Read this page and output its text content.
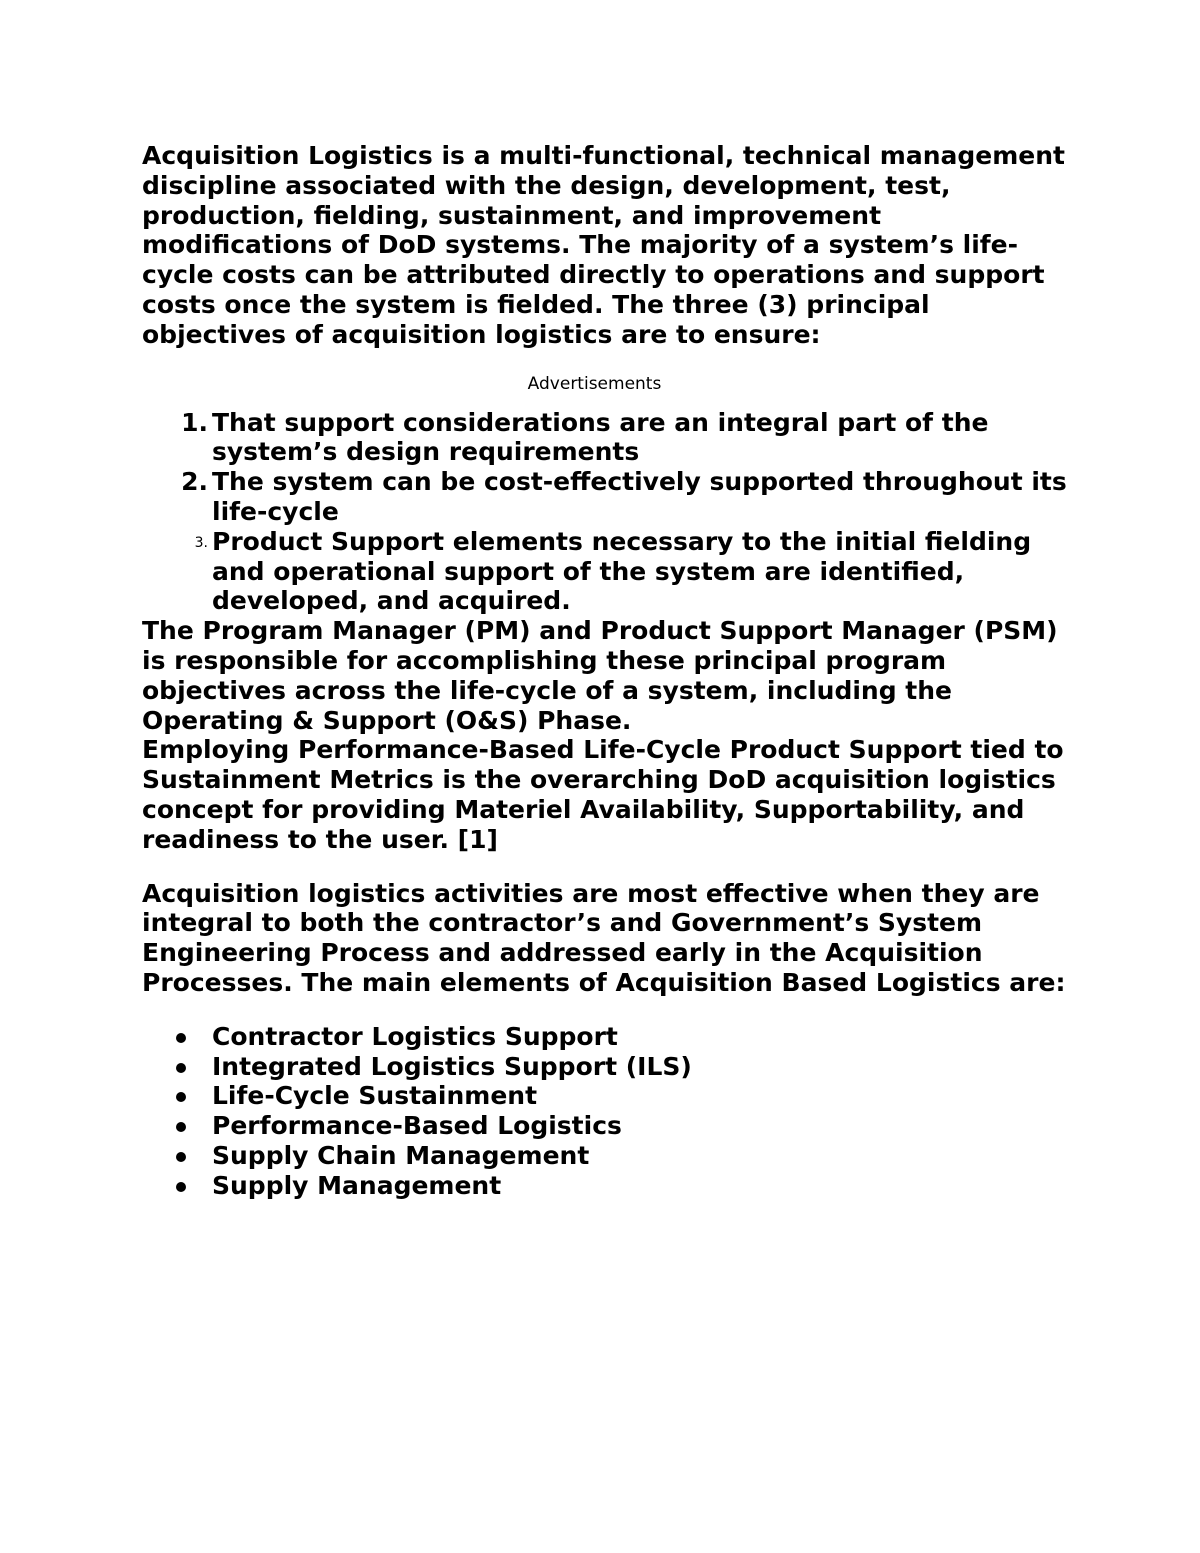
Acquisition Logistics is a multi-functional, technical management discipline associated with the design, development, test, production, fielding, sustainment, and improvement modifications of DoD systems. The majority of a system’s life-cycle costs can be attributed directly to operations and support costs once the system is fielded. The three (3) principal objectives of acquisition logistics are to ensure:

Advertisements
1. That support considerations are an integral part of the system’s design requirements
2. The system can be cost-effectively supported throughout its life-cycle
3. Product Support elements necessary to the initial fielding and operational support of the system are identified, developed, and acquired.

The Program Manager (PM) and Product Support Manager (PSM) is responsible for accomplishing these principal program objectives across the life-cycle of a system, including the Operating & Support (O&S) Phase.

Employing Performance-Based Life-Cycle Product Support tied to Sustainment Metrics is the overarching DoD acquisition logistics concept for providing Materiel Availability, Supportability, and readiness to the user. [1]

Acquisition logistics activities are most effective when they are integral to both the contractor’s and Government’s System Engineering Process and addressed early in the Acquisition Processes. The main elements of Acquisition Based Logistics are:

Contractor Logistics Support
Integrated Logistics Support (ILS)
Life-Cycle Sustainment
Performance-Based Logistics
Supply Chain Management
Supply Management
